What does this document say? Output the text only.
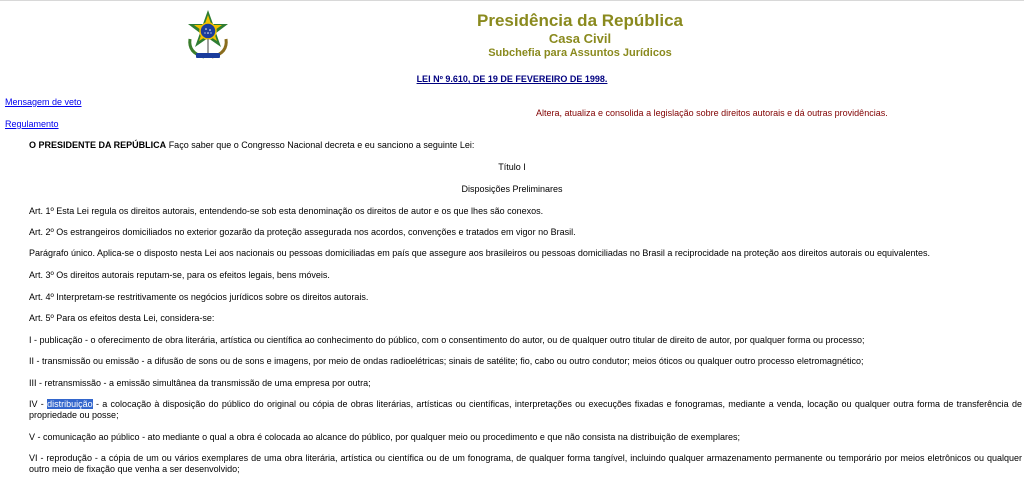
Presidência da República
Casa Civil
Subchefia para Assuntos Jurídicos
LEI Nº 9.610, DE 19 DE FEVEREIRO DE 1998.
Mensagem de veto
Regulamento
Altera, atualiza e consolida a legislação sobre direitos autorais e dá outras providências.
O PRESIDENTE DA REPÚBLICA Faço saber que o Congresso Nacional decreta e eu sanciono a seguinte Lei:
Título I
Disposições Preliminares
Art. 1º Esta Lei regula os direitos autorais, entendendo-se sob esta denominação os direitos de autor e os que lhes são conexos.
Art. 2º Os estrangeiros domiciliados no exterior gozarão da proteção assegurada nos acordos, convenções e tratados em vigor no Brasil.
Parágrafo único. Aplica-se o disposto nesta Lei aos nacionais ou pessoas domiciliadas em país que assegure aos brasileiros ou pessoas domiciliadas no Brasil a reciprocidade na proteção aos direitos autorais ou equivalentes.
Art. 3º Os direitos autorais reputam-se, para os efeitos legais, bens móveis.
Art. 4º Interpretam-se restritivamente os negócios jurídicos sobre os direitos autorais.
Art. 5º Para os efeitos desta Lei, considera-se:
I - publicação - o oferecimento de obra literária, artística ou científica ao conhecimento do público, com o consentimento do autor, ou de qualquer outro titular de direito de autor, por qualquer forma ou processo;
II - transmissão ou emissão - a difusão de sons ou de sons e imagens, por meio de ondas radioelétricas; sinais de satélite; fio, cabo ou outro condutor; meios óticos ou qualquer outro processo eletromagnético;
III - retransmissão - a emissão simultânea da transmissão de uma empresa por outra;
IV - distribuição - a colocação à disposição do público do original ou cópia de obras literárias, artísticas ou científicas, interpretações ou execuções fixadas e fonogramas, mediante a venda, locação ou qualquer outra forma de transferência de propriedade ou posse;
V - comunicação ao público - ato mediante o qual a obra é colocada ao alcance do público, por qualquer meio ou procedimento e que não consista na distribuição de exemplares;
VI - reprodução - a cópia de um ou vários exemplares de uma obra literária, artística ou científica ou de um fonograma, de qualquer forma tangível, incluindo qualquer armazenamento permanente ou temporário por meios eletrônicos ou qualquer outro meio de fixação que venha a ser desenvolvido;
